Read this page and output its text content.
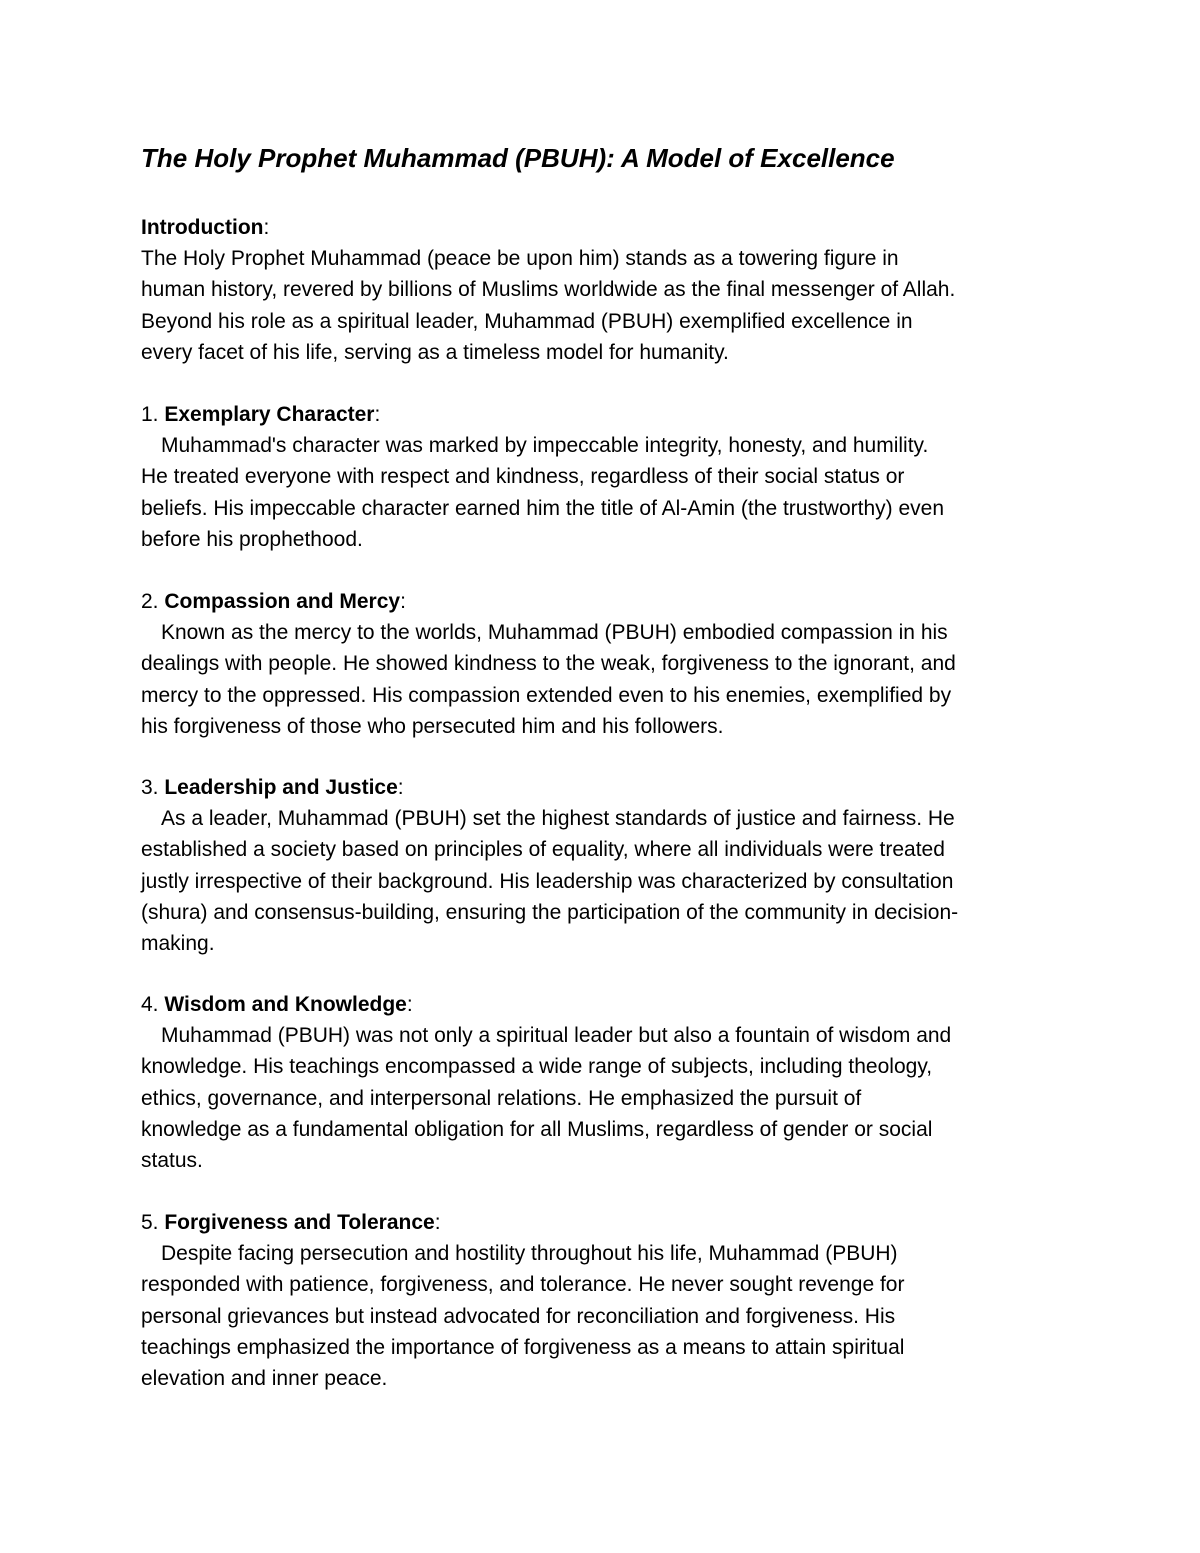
The Holy Prophet Muhammad (PBUH): A Model of Excellence
Introduction:
The Holy Prophet Muhammad (peace be upon him) stands as a towering figure in
human history, revered by billions of Muslims worldwide as the final messenger of Allah.
Beyond his role as a spiritual leader, Muhammad (PBUH) exemplified excellence in
every facet of his life, serving as a timeless model for humanity.
1. Exemplary Character:
Muhammad's character was marked by impeccable integrity, honesty, and humility.
He treated everyone with respect and kindness, regardless of their social status or
beliefs. His impeccable character earned him the title of Al-Amin (the trustworthy) even
before his prophethood.
2. Compassion and Mercy:
Known as the mercy to the worlds, Muhammad (PBUH) embodied compassion in his
dealings with people. He showed kindness to the weak, forgiveness to the ignorant, and
mercy to the oppressed. His compassion extended even to his enemies, exemplified by
his forgiveness of those who persecuted him and his followers.
3. Leadership and Justice:
As a leader, Muhammad (PBUH) set the highest standards of justice and fairness. He
established a society based on principles of equality, where all individuals were treated
justly irrespective of their background. His leadership was characterized by consultation
(shura) and consensus-building, ensuring the participation of the community in decision-
making.
4. Wisdom and Knowledge:
Muhammad (PBUH) was not only a spiritual leader but also a fountain of wisdom and
knowledge. His teachings encompassed a wide range of subjects, including theology,
ethics, governance, and interpersonal relations. He emphasized the pursuit of
knowledge as a fundamental obligation for all Muslims, regardless of gender or social
status.
5. Forgiveness and Tolerance:
Despite facing persecution and hostility throughout his life, Muhammad (PBUH)
responded with patience, forgiveness, and tolerance. He never sought revenge for
personal grievances but instead advocated for reconciliation and forgiveness. His
teachings emphasized the importance of forgiveness as a means to attain spiritual
elevation and inner peace.
